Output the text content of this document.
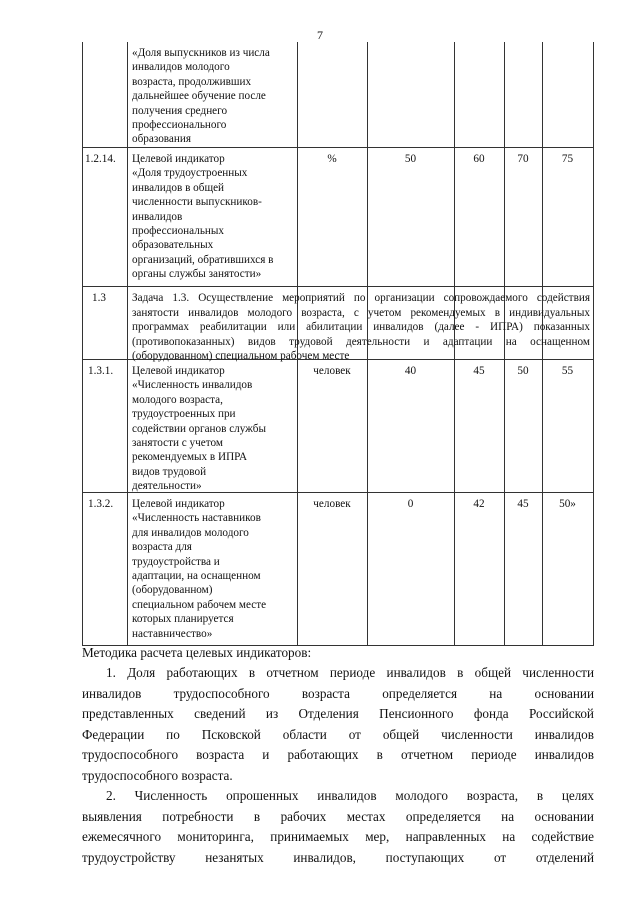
7
«Доля выпускников из числа
инвалидов молодого
возраста, продолживших
дальнейшее обучение после
получения среднего
профессионального
образования
1.2.14. Целевой индикатор
«Доля трудоустроенных
инвалидов в общей
численности выпускников-
инвалидов
профессиональных
образовательных
организаций, обратившихся в
органы службы занятости»
%	50	60	70	75
1.3 Задача 1.3. Осуществление мероприятий по организации сопровождаемого содействия занятости инвалидов молодого возраста, с учетом рекомендуемых в индивидуальных программах реабилитации или абилитации инвалидов (далее - ИПРА) показанных (противопоказанных) видов трудовой деятельности и адаптации на оснащенном (оборудованном) специальном рабочем месте
1.3.1. Целевой индикатор
«Численность инвалидов
молодого возраста,
трудоустроенных при
содействии органов службы
занятости с учетом
рекомендуемых в ИПРА
видов трудовой
деятельности»
человек	40	45	50	55
1.3.2. Целевой индикатор
«Численность наставников
для инвалидов молодого
возраста для
трудоустройства и
адаптации, на оснащенном
(оборудованном)
специальном рабочем месте
которых планируется
наставничество»
человек	0	42	45	50»
Методика расчета целевых индикаторов:
1. Доля работающих в отчетном периоде инвалидов в общей численности
инвалидов трудоспособного возраста определяется на основании
представленных сведений из Отделения Пенсионного фонда Российской
Федерации по Псковской области от общей численности инвалидов
трудоспособного возраста и работающих в отчетном периоде инвалидов
трудоспособного возраста.
2. Численность опрошенных инвалидов молодого возраста, в целях
выявления потребности в рабочих местах определяется на основании
ежемесячного мониторинга, принимаемых мер, направленных на содействие
трудоустройству незанятых инвалидов, поступающих от отделений
